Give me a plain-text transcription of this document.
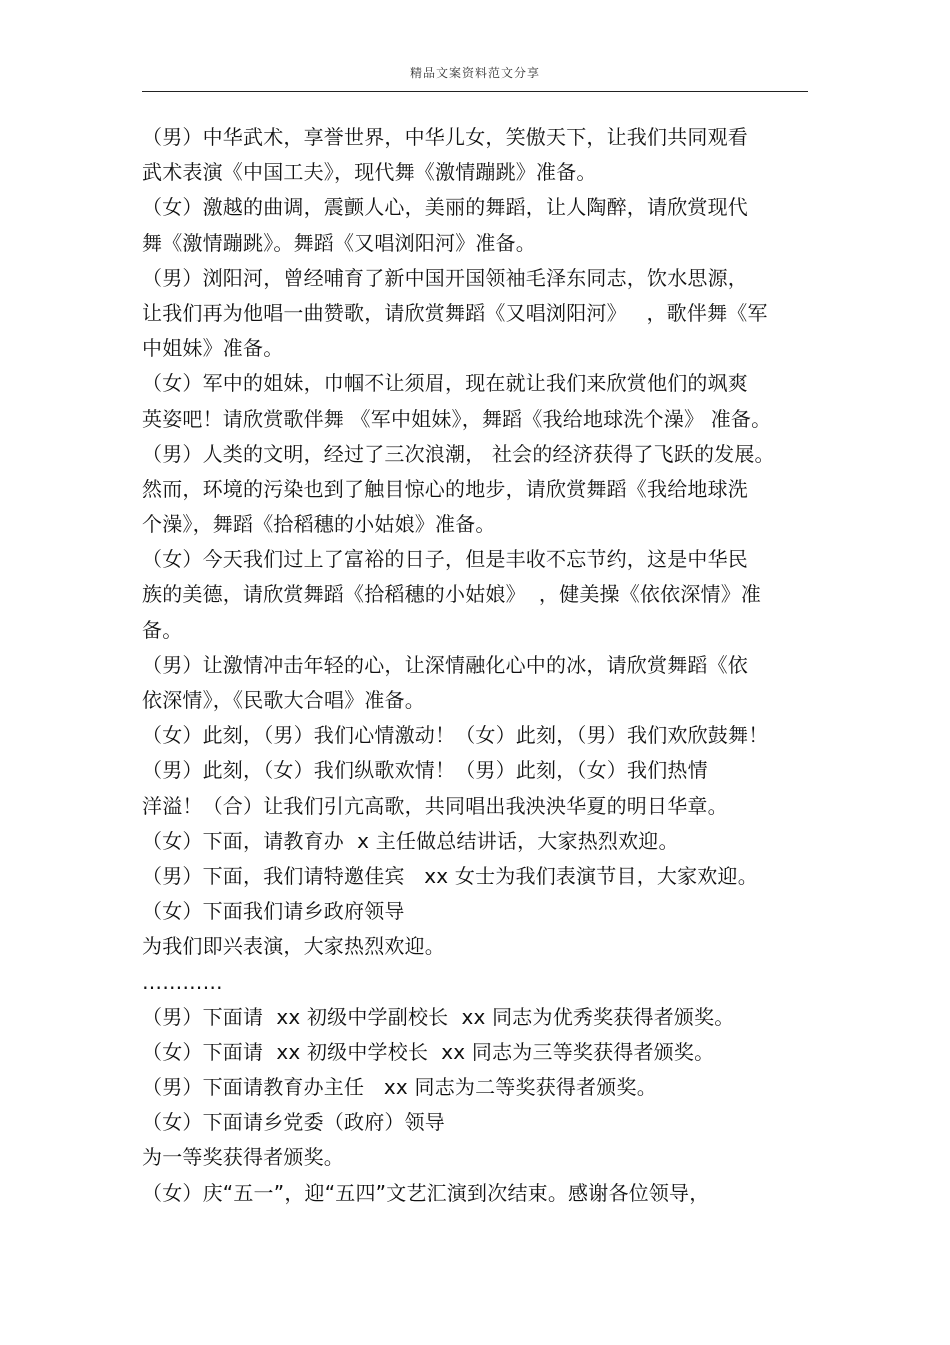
精品文案资料范文分享
（男）中华武术，享誉世界，中华儿女，笑傲天下，让我们共同观看
武术表演《中国工夫》，现代舞《激情蹦跳》准备。
（女）激越的曲调，震颤人心，美丽的舞蹈，让人陶醉，请欣赏现代
舞《激情蹦跳》。舞蹈《又唱浏阳河》准备。
（男）浏阳河，曾经哺育了新中国开国领袖毛泽东同志，饮水思源，
让我们再为他唱一曲赞歌，请欣赏舞蹈《又唱浏阳河》   ，歌伴舞《军
中姐妹》准备。
（女）军中的姐妹，巾帼不让须眉，现在就让我们来欣赏他们的飒爽
英姿吧！请欣赏歌伴舞 《军中姐妹》，舞蹈《我给地球洗个澡》 准备。
（男）人类的文明，经过了三次浪潮， 社会的经济获得了飞跃的发展。
然而，环境的污染也到了触目惊心的地步，请欣赏舞蹈《我给地球洗
个澡》，舞蹈《拾稻穗的小姑娘》准备。
（女）今天我们过上了富裕的日子，但是丰收不忘节约，这是中华民
族的美德，请欣赏舞蹈《拾稻穗的小姑娘》  ，健美操《依依深情》准
备。
（男）让激情冲击年轻的心，让深情融化心中的冰，请欣赏舞蹈《依
依深情》，《民歌大合唱》准备。
（女）此刻，（男）我们心情激动！（女）此刻，（男）我们欢欣鼓舞！
（男）此刻，（女）我们纵歌欢情！（男）此刻，（女）我们热情
洋溢！（合）让我们引亢高歌，共同唱出我泱泱华夏的明日华章。
（女）下面，请教育办  x 主任做总结讲话，大家热烈欢迎。
（男）下面，我们请特邀佳宾   xx 女士为我们表演节目，大家欢迎。
（女）下面我们请乡政府领导
为我们即兴表演，大家热烈欢迎。
…………
（男）下面请  xx 初级中学副校长  xx 同志为优秀奖获得者颁奖。
（女）下面请  xx 初级中学校长  xx 同志为三等奖获得者颁奖。
（男）下面请教育办主任   xx 同志为二等奖获得者颁奖。
（女）下面请乡党委（政府）领导
为一等奖获得者颁奖。
（女）庆“五一”，迎“五四”文艺汇演到次结束。感谢各位领导，
